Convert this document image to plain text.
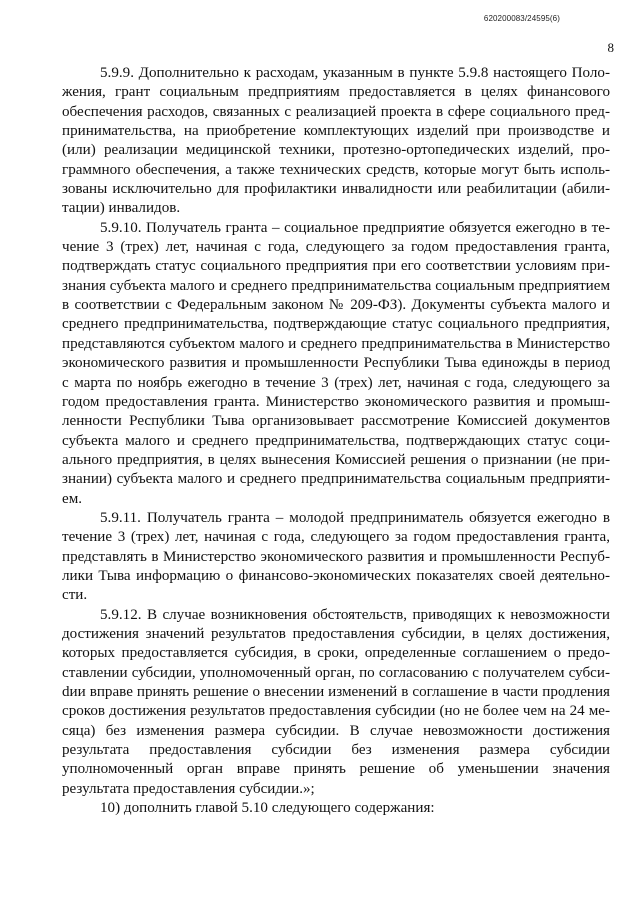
620200083/24595(6)
8

5.9.9. Дополнительно к расходам, указанным в пункте 5.9.8 настоящего Положения, грант социальным предприятиям предоставляется в целях финансового обеспечения расходов, связанных с реализацией проекта в сфере социального предпринимательства, на приобретение комплектующих изделий при производстве и (или) реализации медицинской техники, протезно-ортопедических изделий, программного обеспечения, а также технических средств, которые могут быть использованы исключительно для профилактики инвалидности или реабилитации (абилитации) инвалидов.

5.9.10. Получатель гранта – социальное предприятие обязуется ежегодно в течение 3 (трех) лет, начиная с года, следующего за годом предоставления гранта, подтверждать статус социального предприятия при его соответствии условиям признания субъекта малого и среднего предпринимательства социальным предприятием в соответствии с Федеральным законом № 209-ФЗ). Документы субъекта малого и среднего предпринимательства, подтверждающие статус социального предприятия, представляются субъектом малого и среднего предпринимательства в Министерство экономического развития и промышленности Республики Тыва единожды в период с марта по ноябрь ежегодно в течение 3 (трех) лет, начиная с года, следующего за годом предоставления гранта. Министерство экономического развития и промышленности Республики Тыва организовывает рассмотрение Комиссией документов субъекта малого и среднего предпринимательства, подтверждающих статус социального предприятия, в целях вынесения Комиссией решения о признании (не признании) субъекта малого и среднего предпринимательства социальным предприятием.

5.9.11. Получатель гранта – молодой предприниматель обязуется ежегодно в течение 3 (трех) лет, начиная с года, следующего за годом предоставления гранта, представлять в Министерство экономического развития и промышленности Республики Тыва информацию о финансово-экономических показателях своей деятельности.

5.9.12. В случае возникновения обстоятельств, приводящих к невозможности достижения значений результатов предоставления субсидии, в целях достижения, которых предоставляется субсидия, в сроки, определенные соглашением о предоставлении субсидии, уполномоченный орган, по согласованию с получателем субсиdии вправе принять решение о внесении изменений в соглашение в части продления сроков достижения результатов предоставления субсидии (но не более чем на 24 месяца) без изменения размера субсидии. В случае невозможности достижения результата предоставления субсидии без изменения размера субсидии уполномоченный орган вправе принять решение об уменьшении значения результата предоставления субсидии.»;

10) дополнить главой 5.10 следующего содержания:
